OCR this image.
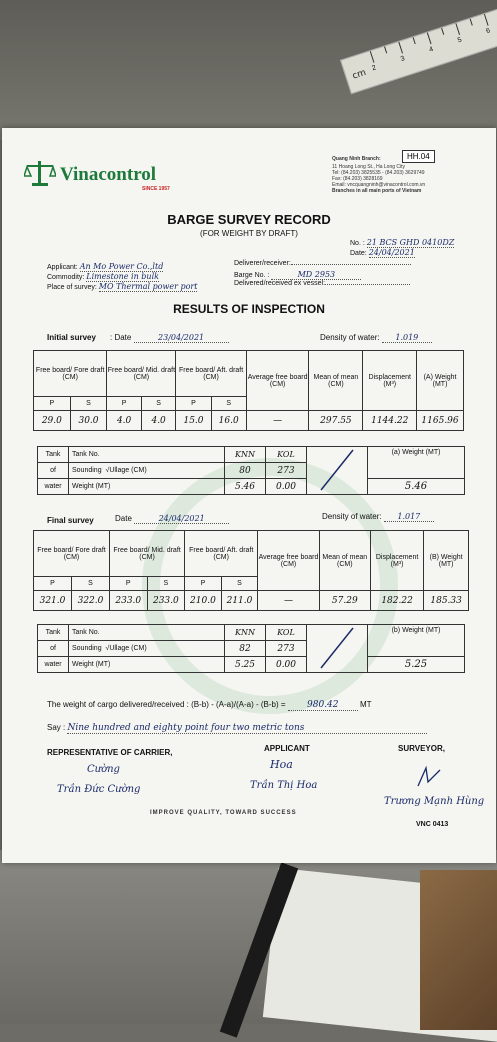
cm 2
3
4
5
6
Vinacontrol
SINCE 1957
HH.04
Quang Ninh Branch:
11 Hoang Long St., Ha Long City
Tel: (84.203) 3825535 - (84.203) 3629749
Fax: (84.203) 3828169
Email: vncquangninh@vinacontrol.com.vn
Branches in all main ports of Vietnam
BARGE SURVEY RECORD
(FOR WEIGHT BY DRAFT)
No. : 21 BCS GHD 0410DZ
Date: 24/04/2021
Applicant: An Mo Power Co.,ltd
Commodity: Limestone in bulk
Place of survey: MO Thermal power port
Deliverer/receiver:
Barge No. :	MD 2953
Delivered/received ex vessel:
RESULTS OF INSPECTION
Initial survey : Date	23/04/2021	Density of water: 1.019
Free board/ Fore draft (CM)		Free board/ Mid. draft (CM)		Free board/ Aft. draft (CM)		Average free board (CM)	Mean of mean (CM)	Displacement (M³)	(A) Weight (MT)
P	S	P	S	P	S				
29.0	30.0	4.0	4.0	15.0	16.0	—	297.55	1144.22	1165.96
Tank	Tank No.	KNN	KOL		(a) Weight (MT)
of	Sounding √Ullage (CM)	80	273		
water	Weight (MT)	5.46	0.00		5.46
Final survey	Date	24/04/2021	Density of water: 1.017
Free board/ Fore draft (CM)		Free board/ Mid. draft (CM)		Free board/ Aft. draft (CM)		Average free board (CM)	Mean of mean (CM)	Displacement (M³)	(B) Weight (MT)
P	S	P	S	P	S				
321.0	322.0	233.0	233.0	210.0	211.0	—	57.29	182.22	185.33
Tank	Tank No.	KNN	KOL		(b) Weight (MT)
of	Sounding √Ullage (CM)	82	273		
water	Weight (MT)	5.25	0.00		5.25
The weight of cargo delivered/received : (B-b) - (A-a)/(A-a) - (B-b) = 980.42	MT
Say : Nine hundred and eighty point four two metric tons
REPRESENTATIVE OF CARRIER,	APPLICANT	SURVEYOR,
Cường
Trần Đức Cường
Hoa
Trần Thị Hoa
Trương Mạnh Hùng
VNC 0413
IMPROVE QUALITY, TOWARD SUCCESS
